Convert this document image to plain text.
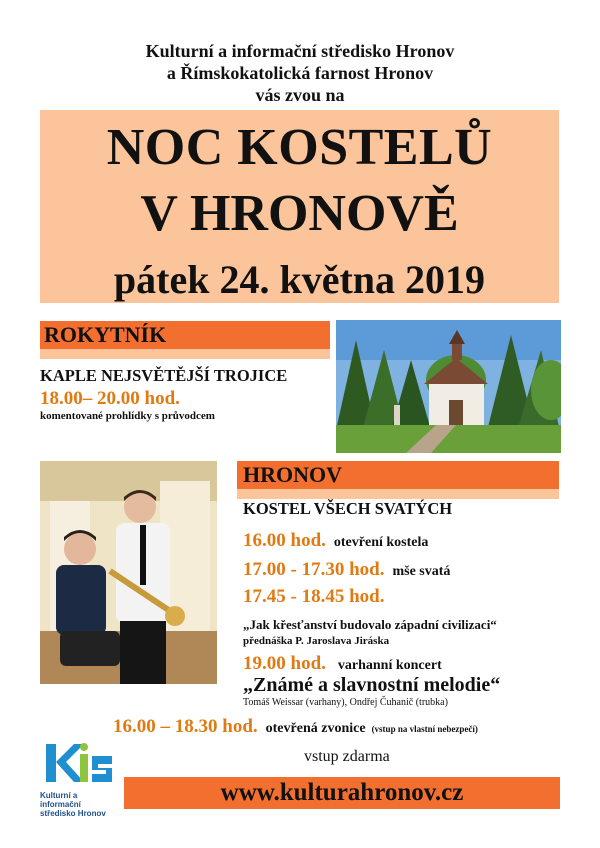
Kulturní a informační středisko Hronov
a Římskokatolická farnost Hronov
vás zvou na
NOC KOSTELŮ
V HRONOVĚ
pátek 24. května 2019
ROKYTNÍK
KAPLE NEJSVĚTĚJŠÍ TROJICE
18.00– 20.00 hod.
komentované prohlídky s průvodcem
HRONOV
KOSTEL VŠECH SVATÝCH
16.00 hod. otevření kostela
17.00 - 17.30 hod. mše svatá
17.45 - 18.45 hod.
„Jak křesťanství budovalo západní civilizaci“
přednáška P. Jaroslava Jiráska
19.00 hod. varhanní koncert
„Známé a slavnostní melodie“
Tomáš Weissar (varhany), Ondřej Čuhanič (trubka)
16.00 – 18.30 hod. otevřená zvonice (vstup na vlastní nebezpečí)
vstup zdarma
Kulturní a informační
středisko Hronov
www.kulturahronov.cz
